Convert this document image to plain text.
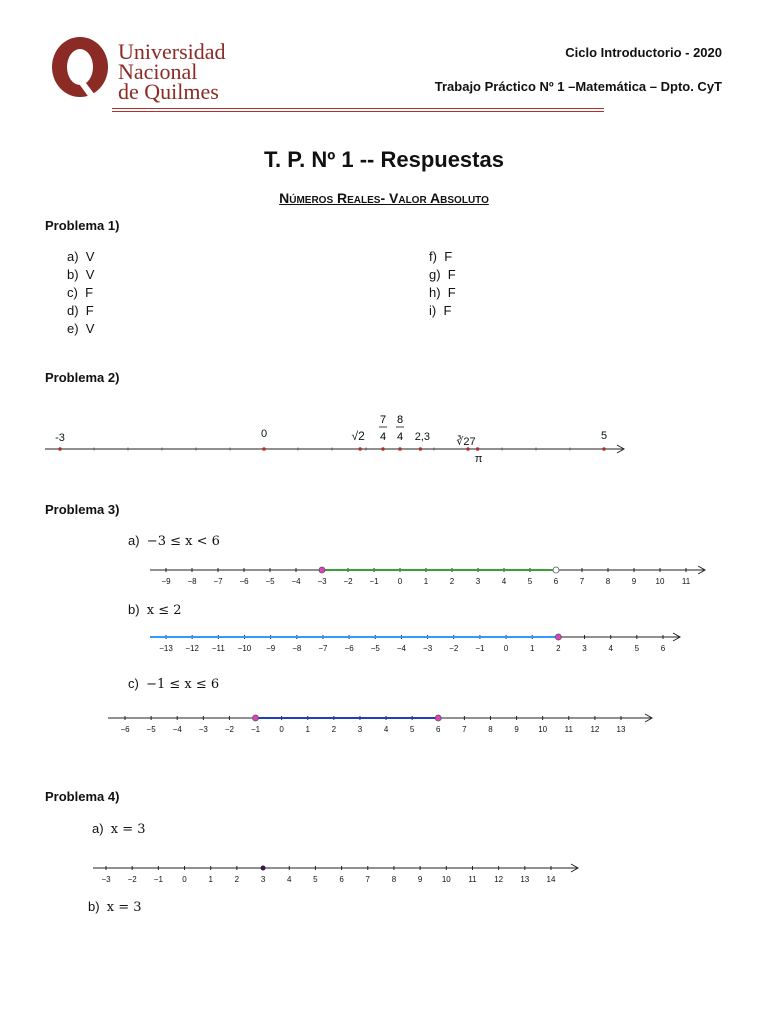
Universidad
Nacional
de Quilmes
Ciclo Introductorio - 2020
Trabajo Práctico Nº 1 –Matemática – Dpto. CyT
T. P. Nº 1 -- Respuestas
Números Reales- Valor Absoluto
Problema 1)
a) V
b) V
c) F
d) F
e) V
f) F
g) F
h) F
i) F
Problema 2)
-3	0	√2
7
4
8
4 2,3 ∛27
π
5
Problema 3)
a) −3 ≤ x < 6
−9 −8 −7 −6 −5 −4 −3 −2 −1 0	1	2	3	4	5	6	7	8	9 10 11
b) x ≤ 2
−13 −12 −11 −10 −9 −8 −7 −6 −5 −4 −3 −2 −1 0	1	2	3	4	5	6
c) −1 ≤ x ≤ 6
−6 −5 −4 −3 −2 −1 0	1	2	3	4	5	6	7	8	9 10 11 12 13
Problema 4)
a) x = 3
−3 −2 −1 0	1	2	3	4	5	6	7	8	9 10 11 12 13 14
b) x = 3
